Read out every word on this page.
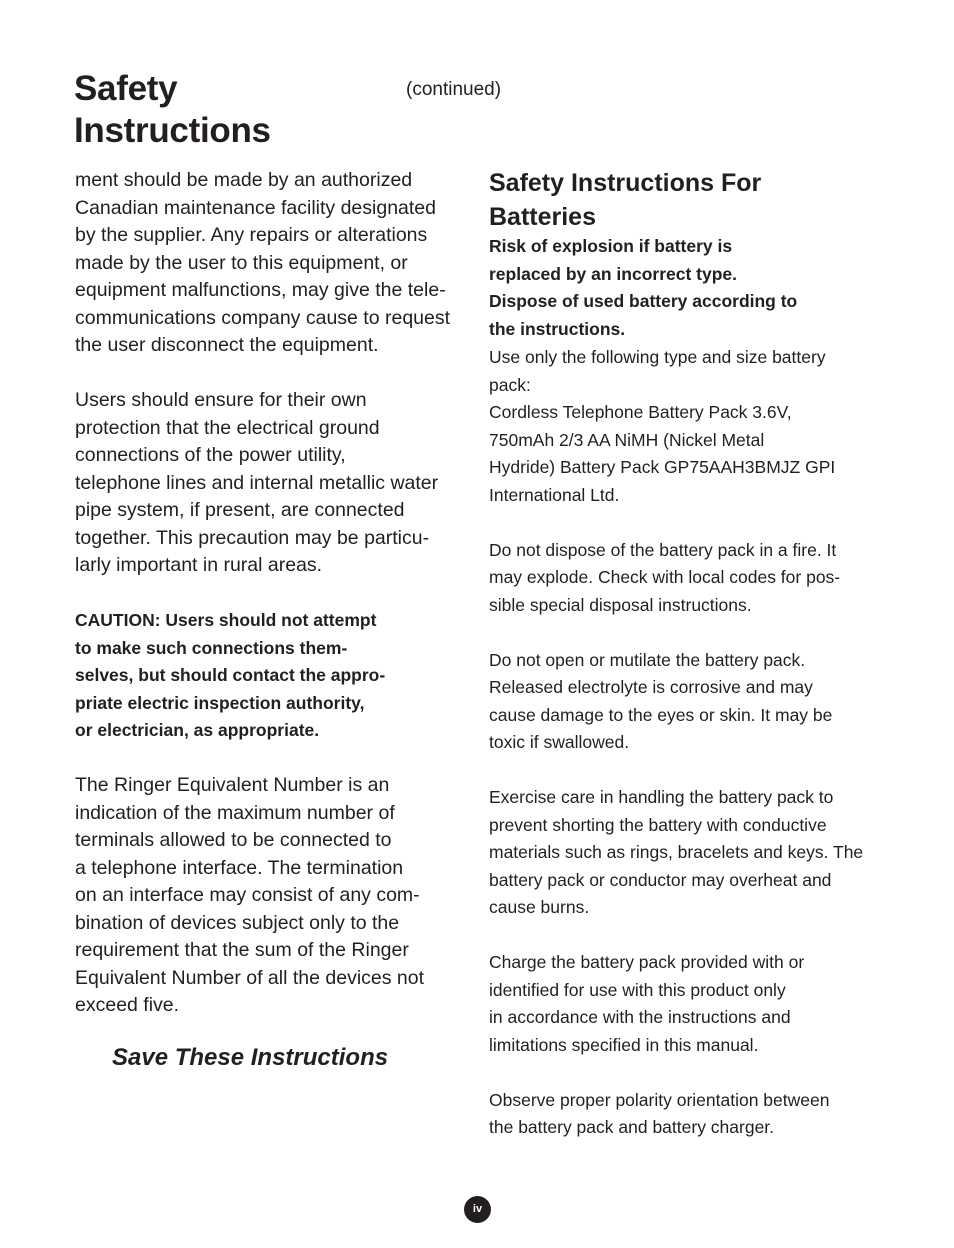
Safety
Instructions
(continued)
ment should be made by an authorized
Canadian maintenance facility designated
by the supplier. Any repairs or alterations
made by the user to this equipment, or
equipment malfunctions, may give the tele-
communications company cause to request
the user disconnect the equipment.
Users should ensure for their own
protection that the electrical ground
connections of the power utility,
telephone lines and internal metallic water
pipe system, if present, are connected
together. This precaution may be particu-
larly important in rural areas.
CAUTION: Users should not attempt
to make such connections them-
selves, but should contact the appro-
priate electric inspection authority,
or electrician, as appropriate.
The Ringer Equivalent Number is an
indication of the maximum number of
terminals allowed to be connected to
a telephone interface. The termination
on an interface may consist of any com-
bination of devices subject only to the
requirement that the sum of the Ringer
Equivalent Number of all the devices not
exceed five.
Save These Instructions
Safety Instructions For
Batteries
Risk of explosion if battery is
replaced by an incorrect type.
Dispose of used battery according to
the instructions.
Use only the following type and size battery
pack:
Cordless Telephone Battery Pack 3.6V,
750mAh 2/3 AA NiMH (Nickel Metal
Hydride) Battery Pack GP75AAH3BMJZ GPI
International Ltd.
Do not dispose of the battery pack in a fire. It
may explode. Check with local codes for pos-
sible special disposal instructions.
Do not open or mutilate the battery pack.
Released electrolyte is corrosive and may
cause damage to the eyes or skin. It may be
toxic if swallowed.
Exercise care in handling the battery pack to
prevent shorting the battery with conductive
materials such as rings, bracelets and keys. The
battery pack or conductor may overheat and
cause burns.
Charge the battery pack provided with or
identified for use with this product only
in accordance with the instructions and
limitations specified in this manual.
Observe proper polarity orientation between
the battery pack and battery charger.
iv
